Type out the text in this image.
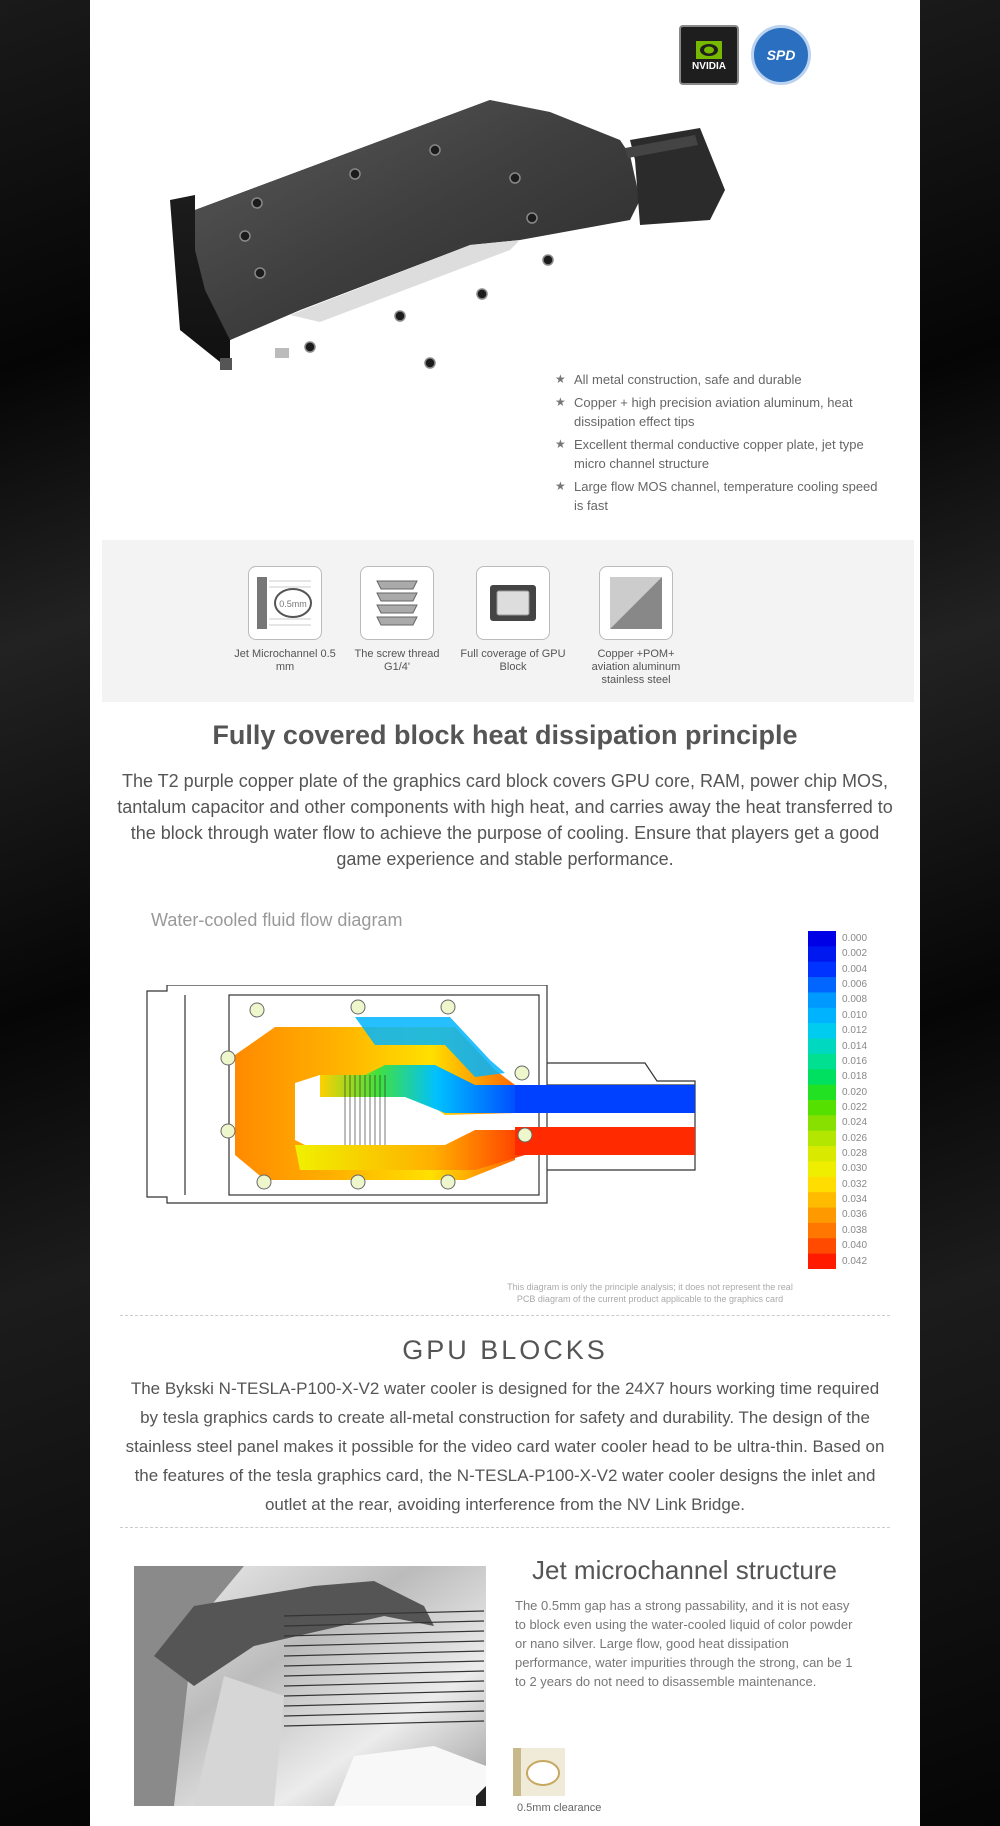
NVIDIA
SPD
★ All metal construction, safe and durable
★ Copper + high precision aviation aluminum, heat dissipation effect tips
★ Excellent thermal conductive copper plate, jet type micro channel structure
★ Large flow MOS channel, temperature cooling speed is fast
0.5mm
Jet Microchannel 0.5 mm
The screw thread G1/4'
Full coverage of GPU Block
Copper +POM+ aviation aluminum stainless steel
Fully covered block heat dissipation principle

The T2 purple copper plate of the graphics card block covers GPU core, RAM, power chip MOS, tantalum capacitor and other components with high heat, and carries away the heat transferred to the block through water flow to achieve the purpose of cooling. Ensure that players get a good game experience and stable performance.

Water-cooled fluid flow diagram
0.000
0.002
0.004
0.006
0.008
0.010
0.012
0.014
0.016
0.018
0.020
0.022
0.024
0.026
0.028
0.030
0.032
0.034
0.036
0.038
0.040
0.042
This diagram is only the principle analysis; it does not represent the real PCB diagram of the current product applicable to the graphics card
GPU BLOCKS

The Bykski N-TESLA-P100-X-V2 water cooler is designed for the 24X7 hours working time required by tesla graphics cards to create all-metal construction for safety and durability. The design of the stainless steel panel makes it possible for the video card water cooler head to be ultra-thin. Based on the features of the tesla graphics card, the N-TESLA-P100-X-V2 water cooler designs the inlet and outlet at the rear, avoiding interference from the NV Link Bridge.

Jet microchannel structure

The 0.5mm gap has a strong passability, and it is not easy to block even using the water-cooled liquid of color powder or nano silver. Large flow, good heat dissipation performance, water impurities through the strong, can be 1 to 2 years do not need to disassemble maintenance.

0.5mm clearance
